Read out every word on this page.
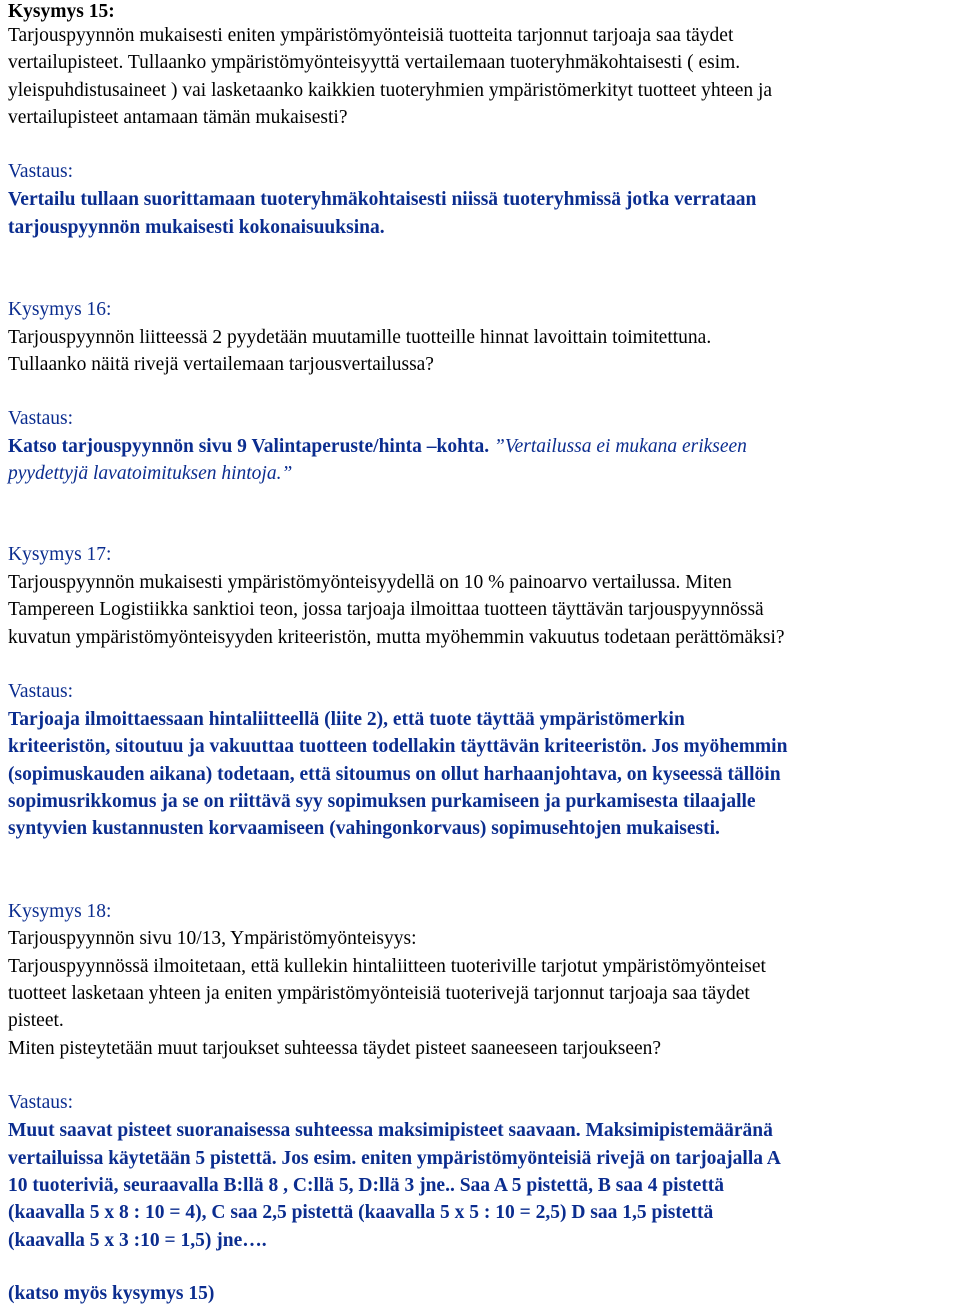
Kysymys 15:
Tarjouspyynnön mukaisesti eniten ympäristömyönteisiä tuotteita tarjonnut tarjoaja saa täydet
vertailupisteet. Tullaanko ympäristömyönteisyyttä vertailemaan tuoteryhmäkohtaisesti ( esim.
yleispuhdistusaineet ) vai lasketaanko kaikkien tuoteryhmien ympäristömerkityt tuotteet yhteen ja
vertailupisteet antamaan tämän mukaisesti?
Vastaus:
Vertailu tullaan suorittamaan tuoteryhmäkohtaisesti niissä tuoteryhmissä jotka verrataan
tarjouspyynnön mukaisesti kokonaisuuksina.
Kysymys 16:
Tarjouspyynnön liitteessä 2 pyydetään muutamille tuotteille hinnat lavoittain toimitettuna.
Tullaanko näitä rivejä vertailemaan tarjousvertailussa?
Vastaus:
Katso tarjouspyynnön sivu 9 Valintaperuste/hinta –kohta. ”Vertailussa ei mukana erikseen
pyydettyjä lavatoimituksen hintoja.”
Kysymys 17:
Tarjouspyynnön mukaisesti ympäristömyönteisyydellä on 10 % painoarvo vertailussa. Miten
Tampereen Logistiikka sanktioi teon, jossa tarjoaja ilmoittaa tuotteen täyttävän tarjouspyynnössä
kuvatun ympäristömyönteisyyden kriteeristön, mutta myöhemmin vakuutus todetaan perättömäksi?
Vastaus:
Tarjoaja ilmoittaessaan hintaliitteellä (liite 2), että tuote täyttää ympäristömerkin
kriteeristön, sitoutuu ja vakuuttaa tuotteen todellakin täyttävän kriteeristön. Jos myöhemmin
(sopimuskauden aikana) todetaan, että sitoumus on ollut harhaanjohtava, on kyseessä tällöin
sopimusrikkomus ja se on riittävä syy sopimuksen purkamiseen ja purkamisesta tilaajalle
syntyvien kustannusten korvaamiseen (vahingonkorvaus) sopimusehtojen mukaisesti.
Kysymys 18:
Tarjouspyynnön sivu 10/13, Ympäristömyönteisyys:
Tarjouspyynnössä ilmoitetaan, että kullekin hintaliitteen tuoteriville tarjotut ympäristömyönteiset
tuotteet lasketaan yhteen ja eniten ympäristömyönteisiä tuoterivejä tarjonnut tarjoaja saa täydet
pisteet.
Miten pisteytetään muut tarjoukset suhteessa täydet pisteet saaneeseen tarjoukseen?
Vastaus:
Muut saavat pisteet suoranaisessa suhteessa maksimipisteet saavaan. Maksimipistemääränä
vertailuissa käytetään 5 pistettä. Jos esim. eniten ympäristömyönteisiä rivejä on tarjoajalla A
10 tuoteriviä, seuraavalla B:llä 8 , C:llä 5, D:llä 3 jne.. Saa A 5 pistettä, B saa 4 pistettä
(kaavalla 5 x 8 : 10 = 4), C saa 2,5 pistettä (kaavalla 5 x 5 : 10 = 2,5) D saa 1,5 pistettä
(kaavalla 5 x 3 :10 = 1,5) jne….
(katso myös kysymys 15)
